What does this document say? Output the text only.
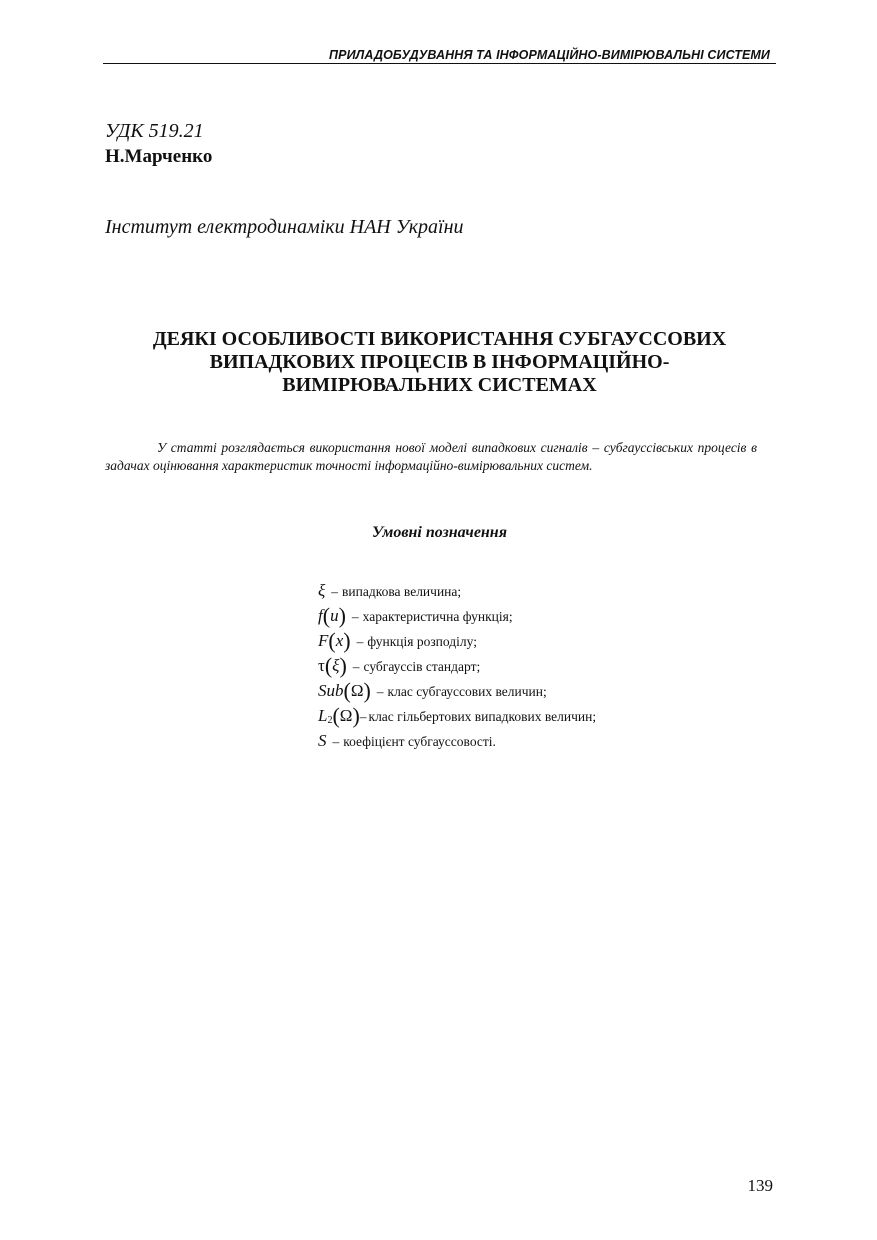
ПРИЛАДОБУДУВАННЯ ТА ІНФОРМАЦІЙНО-ВИМІРЮВАЛЬНІ СИСТЕМИ
УДК 519.21
Н.Марченко
Інститут електродинаміки НАН України
ДЕЯКІ ОСОБЛИВОСТІ ВИКОРИСТАННЯ СУБГАУССОВИХ
ВИПАДКОВИХ ПРОЦЕСІВ В ІНФОРМАЦІЙНО-
ВИМІРЮВАЛЬНИХ СИСТЕМАХ
У статті розглядається використання нової моделі випадкових сигналів – субгауссівських процесів в задачах оцінювання характеристик точності інформаційно-вимірювальних систем.
Умовні позначення
ξ – випадкова величина;
f(u) – характеристична функція;
F(x) – функція розподілу;
τ(ξ) – субгауссів стандарт;
Sub(Ω) – клас субгауссових величин;
L2(Ω)– клас гільбертових випадкових величин;
S – коефіцієнт субгауссовості.
139
